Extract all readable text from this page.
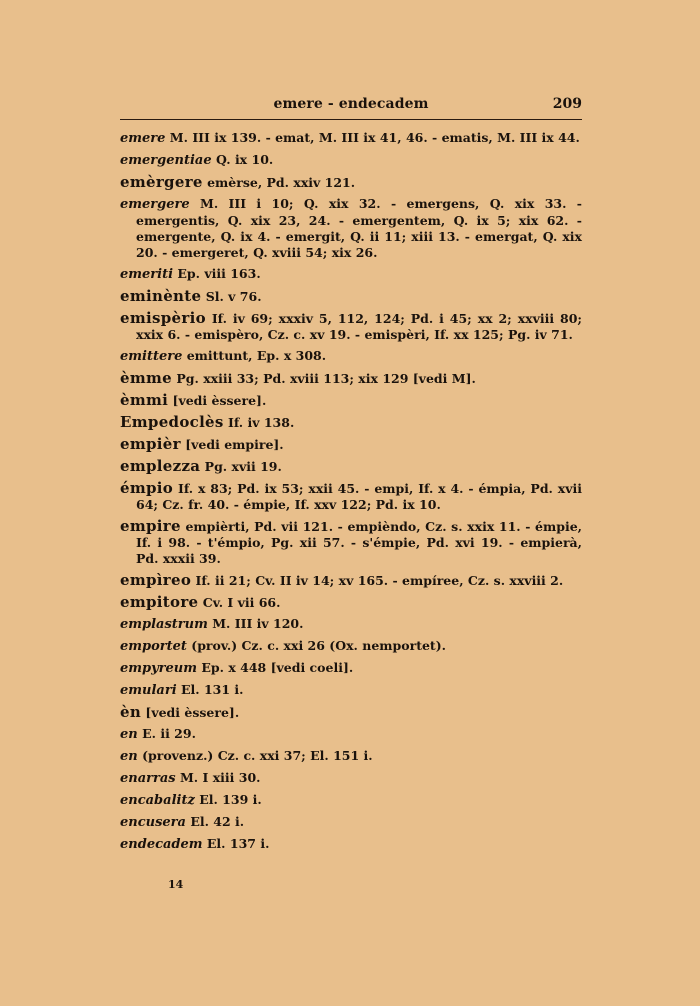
emere - endecadem	209

emere M. III ix 139. - emat, M. III ix 41, 46. - ematis, M. III ix 44.

emergentiae Q. ix 10.

emèrgere emèrse, Pd. xxiv 121.

emergere M. III i 10; Q. xix 32. - emergens, Q. xix 33. - emergentis, Q. xix 23, 24. - emergentem, Q. ix 5; xix 62. - emergente, Q. ix 4. - emergit, Q. ii 11; xiii 13. - emergat, Q. xix 20. - emergeret, Q. xviii 54; xix 26.

emeriti Ep. viii 163.

eminènte Sl. v 76.

emispèrio If. iv 69; xxxiv 5, 112, 124; Pd. i 45; xx 2; xxviii 80; xxix 6. - emispèro, Cz. c. xv 19. - emispèri, If. xx 125; Pg. iv 71.

emittere emittunt, Ep. x 308.

èmme Pg. xxiii 33; Pd. xviii 113; xix 129 [vedi M].

èmmi [vedi èssere].

Empedoclès If. iv 138.

empièr [vedi empire].

emplezza Pg. xvii 19.

émpio If. x 83; Pd. ix 53; xxii 45. - empi, If. x 4. - émpia, Pd. xvii 64; Cz. fr. 40. - émpie, If. xxv 122; Pd. ix 10.

empire empièrti, Pd. vii 121. - empièndo, Cz. s. xxix 11. - émpie, If. i 98. - t'émpio, Pg. xii 57. - s'émpie, Pd. xvi 19. - empierà, Pd. xxxii 39.

empìreo If. ii 21; Cv. II iv 14; xv 165. - empíree, Cz. s. xxviii 2.

empitore Cv. I vii 66.

emplastrum M. III iv 120.

emportet (prov.) Cz. c. xxi 26 (Ox. nemportet).

empyreum Ep. x 448 [vedi coeli].

emulari El. 131 i.

èn [vedi èssere].

en E. ii 29.

en (provenz.) Cz. c. xxi 37; El. 151 i.

enarras M. I xiii 30.

encabalitz El. 139 i.

encusera El. 42 i.

endecadem El. 137 i.

14
